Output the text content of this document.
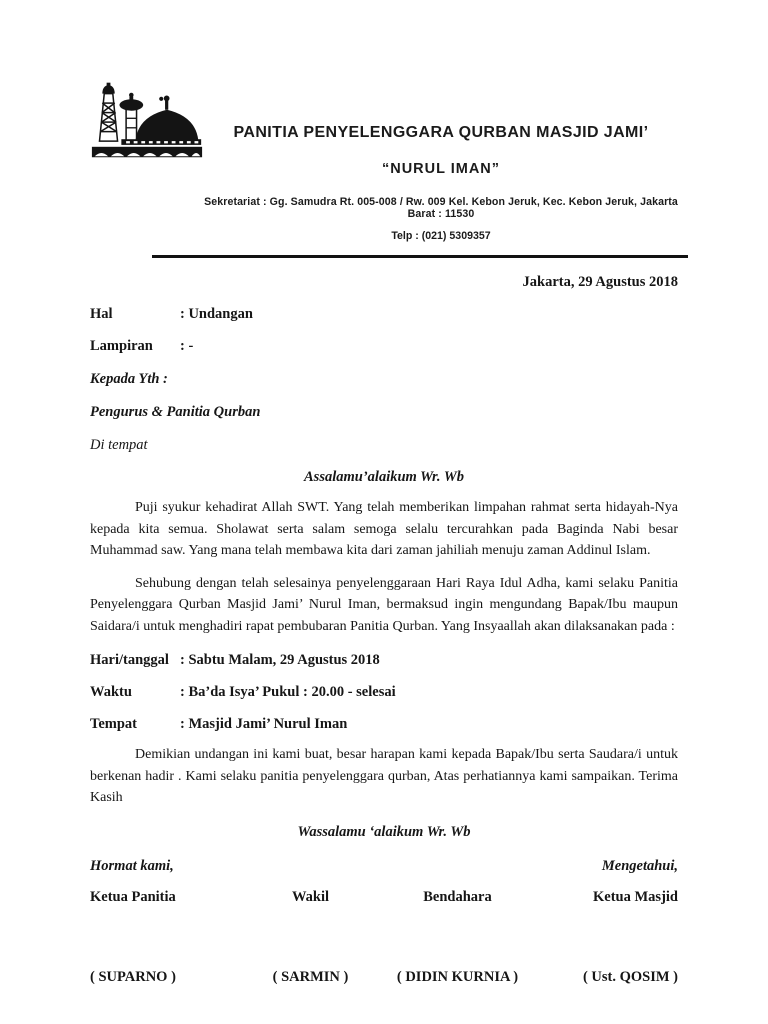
PANITIA PENYELENGGARA QURBAN MASJID JAMI’
“NURUL IMAN”
Sekretariat : Gg. Samudra Rt. 005-008 / Rw. 009 Kel. Kebon Jeruk, Kec. Kebon Jeruk, Jakarta Barat : 11530
Telp : (021) 5309357
Jakarta, 29 Agustus 2018
Hal	: Undangan
Lampiran : -
Kepada Yth :
Pengurus & Panitia Qurban
Di tempat
Assalamu’alaikum Wr. Wb

Puji syukur kehadirat Allah SWT. Yang telah memberikan limpahan rahmat serta hidayah-Nya kepada kita semua. Sholawat serta salam semoga selalu tercurahkan pada Baginda Nabi besar Muhammad saw. Yang mana telah membawa kita dari zaman jahiliah menuju zaman Addinul Islam.

Sehubung dengan telah selesainya penyelenggaraan Hari Raya Idul Adha, kami selaku Panitia Penyelenggara Qurban Masjid Jami’ Nurul Iman, bermaksud ingin mengundang Bapak/Ibu maupun Saidara/i untuk menghadiri rapat pembubaran Panitia Qurban. Yang Insyaallah akan dilaksanakan pada :

Hari/tanggal : Sabtu Malam, 29 Agustus 2018
Waktu	: Ba’da Isya’ Pukul : 20.00 - selesai
Tempat	: Masjid Jami’ Nurul Iman

Demikian undangan ini kami buat, besar harapan kami kepada Bapak/Ibu serta Saudara/i untuk berkenan hadir . Kami selaku panitia penyelenggara qurban, Atas perhatiannya kami sampaikan. Terima Kasih

Wassalamu ‘alaikum Wr. Wb
Hormat kami,	Mengetahui,
Ketua Panitia	Wakil	Bendahara	Ketua Masjid
( SUPARNO )	( SARMIN )	( DIDIN KURNIA )	( Ust. QOSIM )
